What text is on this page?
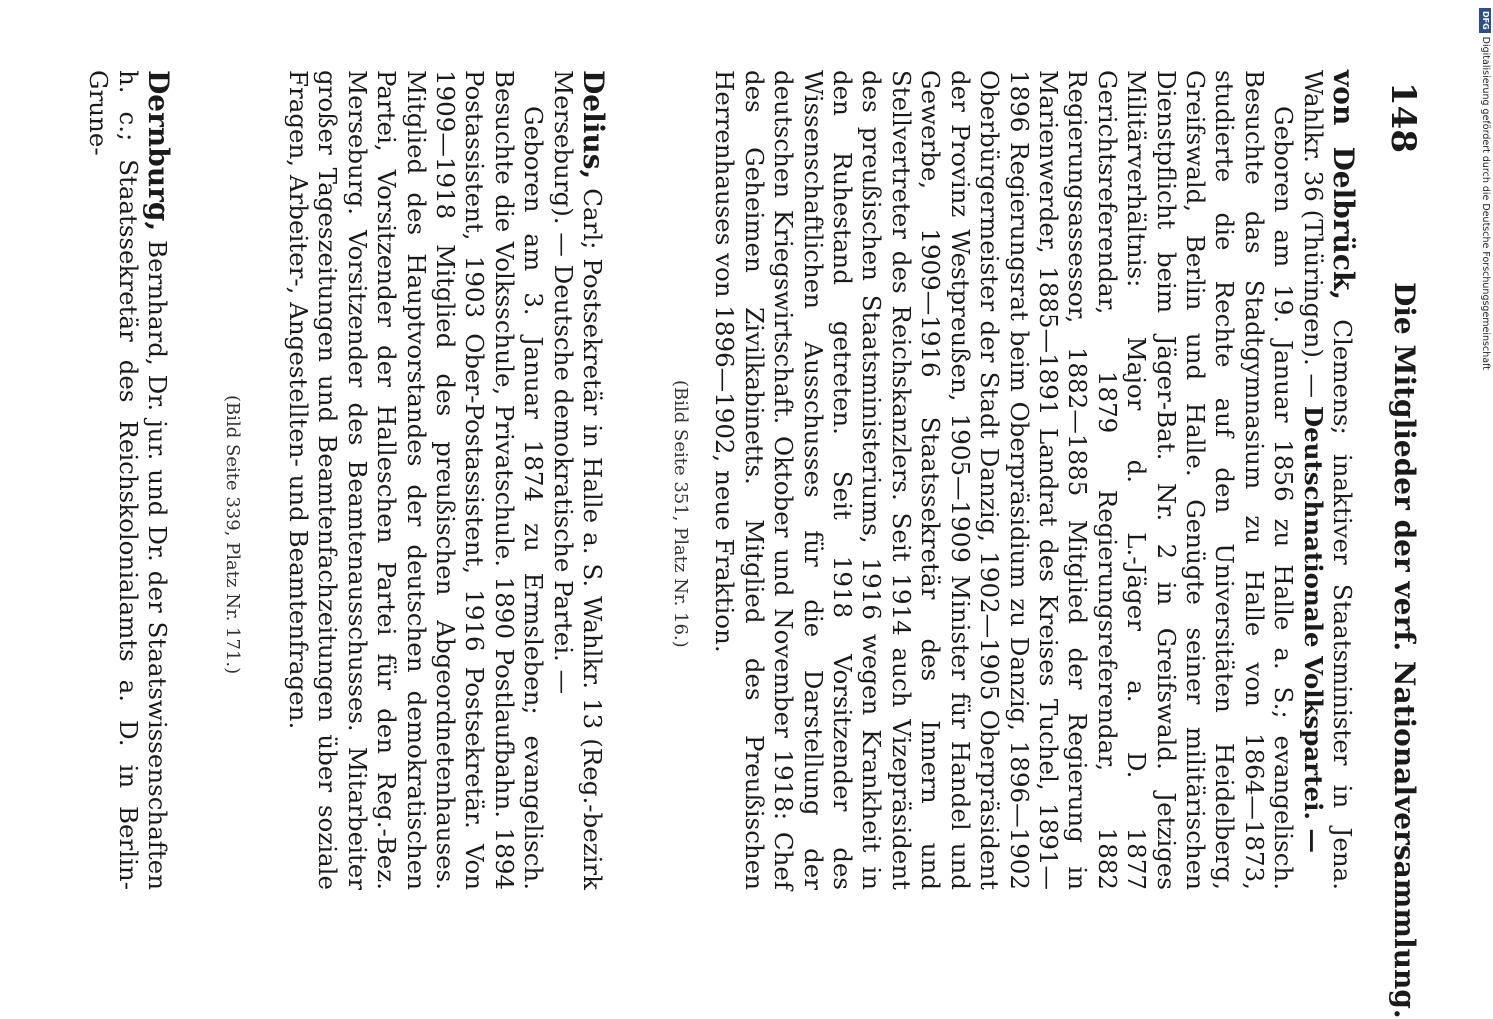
148
Die Mitglieder der verf. Nationalversammlung.

von Delbrück, Clemens; inaktiver Staatsminister in Jena. Wahlkr. 36 (Thüringen). — Deutschnationale Volkspartei. —

Geboren am 19. Januar 1856 zu Halle a. S.; evangelisch. Besuchte das Stadtgymnasium zu Halle von 1864—1873, studierte die Rechte auf den Universitäten Heidelberg, Greifswald, Berlin und Halle. Genügte seiner militärischen Dienstpflicht beim Jäger-Bat. Nr. 2 in Greifswald. Jetziges Militärverhältnis: Major d. L.-Jäger a. D. 1877 Gerichtsreferendar, 1879 Regierungsreferendar, 1882 Regierungsassessor, 1882—1885 Mitglied der Regierung in Marienwerder, 1885—1891 Landrat des Kreises Tuchel, 1891—1896 Regierungsrat beim Oberpräsidium zu Danzig, 1896—1902 Oberbürgermeister der Stadt Danzig, 1902—1905 Oberpräsident der Provinz Westpreußen, 1905—1909 Minister für Handel und Gewerbe, 1909—1916 Staatssekretär des Innern und Stellvertreter des Reichskanzlers. Seit 1914 auch Vizepräsident des preußischen Staatsministeriums, 1916 wegen Krankheit in den Ruhestand getreten. Seit 1918 Vorsitzender des Wissenschaftlichen Ausschusses für die Darstellung der deutschen Kriegswirtschaft. Oktober und November 1918: Chef des Geheimen Zivilkabinetts. Mitglied des Preußischen Herrenhauses von 1896—1902, neue Fraktion.

(Bild Seite 351, Platz Nr. 16.)

Delius, Carl; Postsekretär in Halle a. S. Wahlkr. 13 (Reg.-bezirk Merseburg). — Deutsche demokratische Partei. —

Geboren am 3. Januar 1874 zu Ermsleben; evangelisch. Besuchte die Volksschule, Privatschule. 1890 Postlaufbahn. 1894 Postassistent, 1903 Ober-Postassistent, 1916 Postsekretär. Von 1909—1918 Mitglied des preußischen Abgeordnetenhauses. Mitglied des Hauptvorstandes der deutschen demokratischen Partei, Vorsitzender der Halleschen Partei für den Reg.-Bez. Merseburg. Vorsitzender des Beamtenausschusses. Mitarbeiter großer Tageszeitungen und Beamtenfachzeitungen über soziale Fragen, Arbeiter-, Angestellten- und Beamtenfragen.

(Bild Seite 339, Platz Nr. 171.)

Dernburg, Bernhard, Dr. jur. und Dr. der Staatswissenschaften h. c.; Staatssekretär des Reichskolonialamts a. D. in Berlin-Grune-

DFGDigitalisierung gefördert durch die Deutsche Forschungsgemeinschaft
